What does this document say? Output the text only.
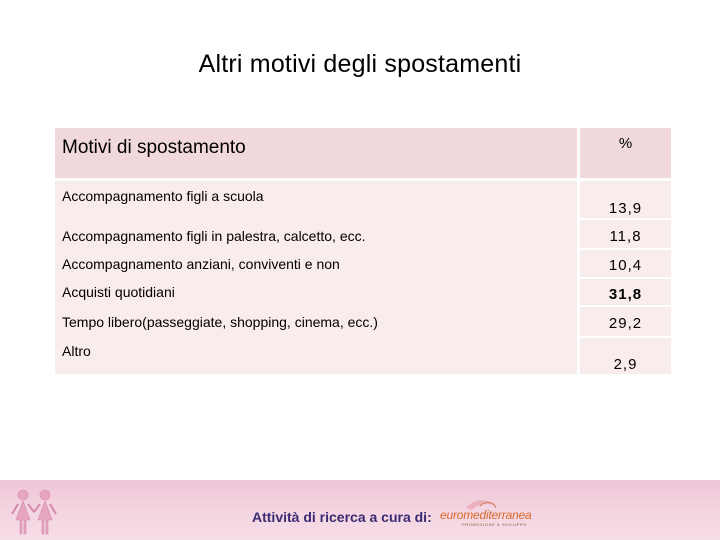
Altri motivi degli spostamenti
Motivi di spostamento	%
Accompagnamento figli a scuola
Accompagnamento figli in palestra, calcetto, ecc.
Accompagnamento anziani, conviventi e non
Acquisti quotidiani
Tempo libero(passeggiate, shopping, cinema, ecc.)
Altro
13,9
11,8
10,4
31,8
29,2
2,9
Attività di ricerca a cura di: euromediterranea
PROMOZIONE & SVILUPPO
